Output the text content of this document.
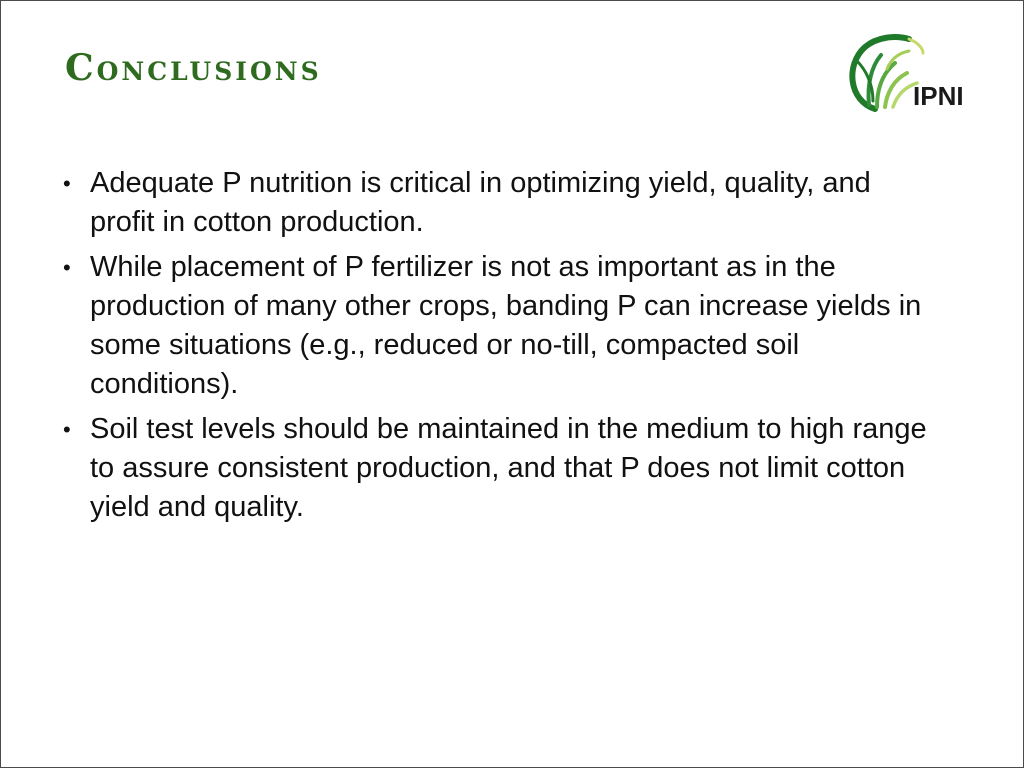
Conclusions
IPNI
• Adequate P nutrition is critical in optimizing yield, quality, and profit in cotton production.
• While placement of P fertilizer is not as important as in the production of many other crops, banding P can increase yields in some situations (e.g., reduced or no-till, compacted soil conditions).
• Soil test levels should be maintained in the medium to high range to assure consistent production, and that P does not limit cotton yield and quality.
